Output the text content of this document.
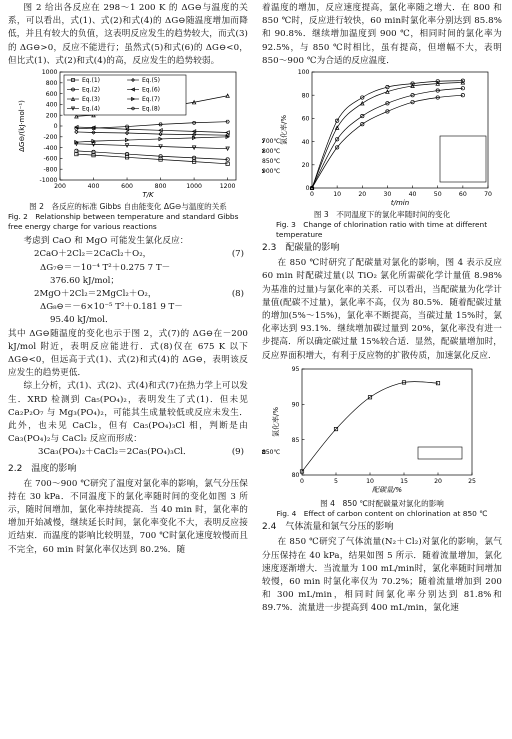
图 2 给出各反应在 298～1 200 K 的 ΔG⊖与温度的关系，可以看出，式(1)、式(2)和式(4)的 ΔG⊖随温度增加而降低，并且有较大的负值，这表明反应发生的趋势较大，而式(3)的 ΔG⊖>0，反应不能进行；虽然式(5)和式(6)的 ΔG⊖<0，但比式(1)、式(2)和式(4)的高，反应发生的趋势较弱。

200	400	600	800	1000	1200
-1000
-800
-600
-400
-200
0
200
400
600
800
1000
T/K
ΔG⊖/(kJ·mol⁻¹)
Eq.(1)
Eq.(2)
Eq.(3)
Eq.(4)
Eq.(5)
Eq.(6)
Eq.(7)
Eq.(8)

图 2　各反应的标准 Gibbs 自由能变化 ΔG⊖与温度的关系

Fig. 2　Relationship between temperature and standard Gibbs free energy charge for various reactions

考虑到 CaO 和 MgO 可能发生氯化反应：

2CaO＋2Cl₂＝2CaCl₂＋O₂，	(7)

ΔG₇⊖＝－10⁻⁴ T²＋0.275 7 T－

376.60 kJ/mol；

2MgO＋2Cl₂＝2MgCl₂＋O₂，	(8)

ΔG₈⊖＝－6×10⁻⁵ T²＋0.181 9 T－

95.40 kJ/mol．

其中 ΔG⊖随温度的变化也示于图 2，式(7)的 ΔG⊖在－200 kJ/mol 附近，表明反应能进行．式(8)仅在 675 K 以下 ΔG⊖<0，但远高于式(1)、式(2)和式(4)的 ΔG⊖，表明该反应发生的趋势更低．

综上分析，式(1)、式(2)、式(4)和式(7)在热力学上可以发生．XRD 检测到 Ca₅(PO₄)₂，表明发生了式(1)．但未见 Ca₂P₂O₇ 与 Mg₃(PO₄)₂，可能其生成量较低或反应未发生．此外，也未见 CaCl₂，但有 Ca₅(PO₄)₃Cl 相，判断是由 Ca₃(PO₄)₂与 CaCl₂ 反应而形成：

3Ca₃(PO₄)₂＋CaCl₂＝2Ca₅(PO₄)₃Cl．	(9)

2.2　温度的影响

在 700～900 ℃研究了温度对氯化率的影响，氯气分压保持在 30 kPa．不同温度下的氯化率随时间的变化如图 3 所示，随时间增加，氯化率持续提高．当 40 min 时，氯化率的增加开始减慢，继续延长时间，氯化率变化不大，表明反应接近结束．而温度的影响比较明显，700 ℃时氯化速度较慢而且不完全，60 min 时氯化率仅达到 80.2%．随

着温度的增加，反应速度提高，氯化率随之增大．在 800 和 850 ℃时，反应进行较快，60 min时氯化率分别达到 85.8% 和 90.8%．继续增加温度到 900 ℃，相同时间的氯化率为 92.5%，与 850 ℃时相比，虽有提高，但增幅不大，表明 850～900 ℃为合适的反应温度．

0	10	20	30	40	50	60	70
0
20
40
60
80
100
t/min
氯化率/%
700℃
800℃
850℃
900℃

图 3　不同温度下的氯化率随时间的变化

Fig. 3　Change of chlorination ratio with time at different temperature

2.3　配碳量的影响

在 850 ℃时研究了配碳量对氯化的影响，图 4 表示反应 60 min 时配碳过量(以 TiO₂ 氯化所需碳化学计量值 8.98%为基准的过量)与氯化率的关系．可以看出，当配碳量为化学计量值(配碳不过量)，氯化率不高，仅为 80.5%．随着配碳过量的增加(5%～15%)，氯化率不断提高，当碳过量 15%时，氯化率达到 93.1%．继续增加碳过量到 20%，氯化率没有进一步提高．所以确定碳过量 15%较合适．显然，配碳量增加时，反应界面积增大，有利于反应物的扩散传质，加速氯化反应．

0	5	10	15	20	25
80
85
90
95
配碳量/%
氯化率/%
850℃

图 4　850 ℃时配碳量对氯化的影响

Fig. 4　Effect of carbon content on chlorination at 850 ℃

2.4　气体流量和氯气分压的影响

在 850 ℃研究了气体流量(N₂＋Cl₂)对氯化的影响，氯气分压保持在 40 kPa，结果如图 5 所示．随着流量增加，氯化速度逐渐增大．当流量为 100 mL/min时，氯化率随时间增加较慢，60 min 时氯化率仅为 70.2%；随着流量增加到 200 和 300 mL/min，相同时间氯化率分别达到 81.8%和 89.7%．流量进一步提高到 400 mL/min，氯化速
